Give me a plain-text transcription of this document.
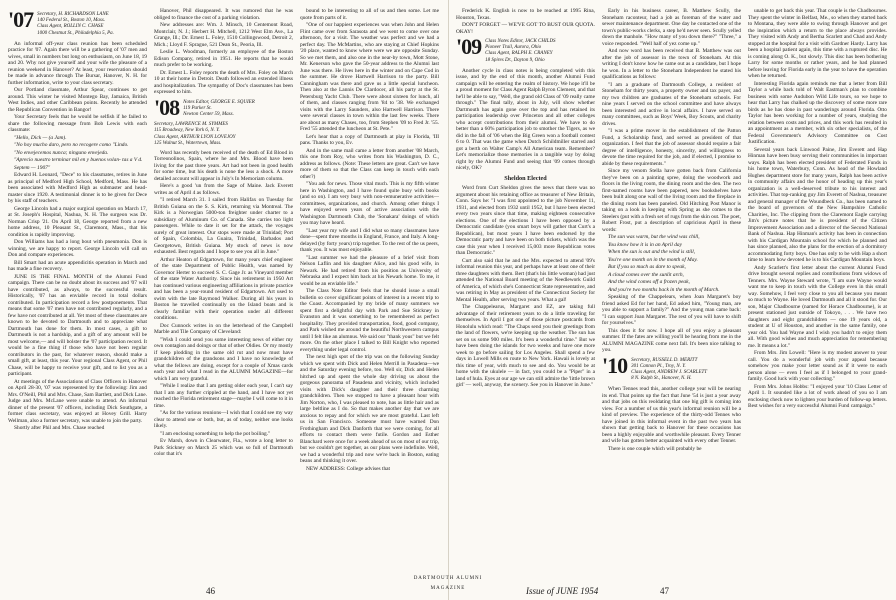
'07 Secretary, H. RICHARDSON LANE
140 Federal St., Boston 10, Mass.
Class Agent, ROLLIN C. CHASE
1000 Chestnut St., Philadelphia 5, Pa.

An informal off-year class reunion has been scheduled practice for '07. Again there will be a gathering of '07 men and wives, small in numbers but long on enthusiasm, on June 18, 19 and 20. Why not give yourself and your wife the pleasure of a reunion weekend in Hanover? At least, your reservation should be made in advance through The Bursar, Hanover, N. H. for further information, write to your class secretary.

Our Portland classmate, Arthur Spear, continues to get around. This winter he visited Montego Bay, Jamaica, British West Indies, and other Caribbean points. Recently he attended the Republican Convention in Bangor!

Your Secretary feels that he would be selfish if he failed to share the following message from Bob Lewis with each classmate:

"Hello, Dick — (a Jam).

"No hoy mucho daro, pero no recogere como "Lindo.

"No envejecemos nunca; ninguno envejeda.

"Aprecio nuestro terminar mil en y buenos volan- tas a V d.

Septem — 1907"

Edward H. Leonard, "Dece" to his classmates, retires in June as principal of Medford High School, Medford, Mass. He has been associated with Medford High as submaster and head-master since 1920. A testimonial dinner is to be given for Dece by his staff of teachers.

George Lincoln had a major surgical operation on March 17, at St. Joseph's Hospital, Nashua, N. H. The surgeon was Dr. Norman Crisp '21. On April 18, George reported from a new home address, 10 Pleasant St., Claremont, Mass., that his condition is rapidly improving.

Don Williams has had a long bout with pneumonia. Don is winning, we are happy to report. George Lincoln will call on Don and compare experiences.

Bill Smart had an acute appendicitis operation in March and has made a fine recovery.

JUNE IS THE FINAL MONTH of the Alumni Fund campaign. There can be no doubt about its success and '07 will have contributed, as always, to the successful result. Historically, '07 has an enviable record in total dollars contributed. In participation record a few postponements. That means that some '07 men have not contributed regularly, and a few have not contributed at all. Yet most of these classmates are known to be devoted to Dartmouth and to appreciate what Dartmouth has done for them. In most cases, a gift to Dartmouth is not a hardship, and a gift of any amount will be most welcome,— and will bolster the '07 participation record. It would be a fine thing if those who have not been regular contributors in the past, for whatever reason, should make a small gift, at least, this year. Your regional Class Agent, or Phil Chase, will be happy to receive your gift, and to list you as a participant.

At meetings of the Associations of Class Officers in Hanover on April 28-30, '07 was represented by the following: Jim and Mrs. O'Neill, Phil and Mrs. Chase, Sam Bartlett, and Dick Lane. Judge and Mrs. McLane were unable to attend. An informal dinner of the present '07 officers, including Dick Southgate, a former class secretary, was enjoyed at Hovey Grill. Harry Wellman, also a former secretary, was unable to join the party.

Shortly after Phil and Mrs. Chase reached

Hanover, Phil disappeared. It was rumored that he was obliged to finance the cost of a parking violation.

New addresses are: Wm. J. Minsch, 10 Centemont Road, Montclair, N. J.; Herbert H. Mitchell, 1212 West Elm Ave., La Grange, Ill.; Dr. Ernest L. Foley, 1510 Collingswood, Detroit 2, Mich.; Lloyd F. Sprague, 521 Dean St., Peoria, Ill.

Leslie L. Woodman, formerly an employee of the Boston Edison Company, retired in 1951. He reports that he would much prefer to be working.

Dr. Ernest L. Foley reports the death of Mrs. Foley on March 10 at their home in Detroit. Death followed an extended illness and hospitalization. The sympathy of Doc's classmates has been expressed to him.

'08 Notes Editor, GEORGE E. SQUIER
119 Parker St.
Newton Center 59, Mass.
Secretary, LAWRENCE M. SYMMES
115 Broadway, New York 6, N. Y.
Class Agent, ARTHUR LYON LOVEJOY
125 Walnut St., Watertown, Mass.

Word has recently been received of the death of Ed Blood in Torreonolinos, Spain, where he and Mrs. Blood have been living for the past three years. Art had not been in good health for some time, but his death is none the less a shock. A more detailed account will appear in July's In Memoriam column.

Here's a good 'un from the Sage of Maine. Jack Everett writes as of April 4 as follows.

"I retired March 31. I sailed from Halifax on Tuesday for British Guiana on the S. S. Kirk, returning via Montreal. The Kirk is a Norwegian 5000-ton freighter under charter to a subsidiary of Aluminum Co. of Canada. She carries too light passengers. While to date it set for the attack, the voyages surely of great interest. Our stops were made at Trinidad; Port of Spain, Colombia, La Guaira, Trinidad, Barbados and Georgetown, British Guiana. My stock of news is now exhausted. Best regards and I hope to see you all in June."

Arthur Heaton of Edgartown, for many years chief engineer of the state Department of Public Health, was named by Governor Herter to succeed S. C. Gage Jr. as Vineyard member of the state Water Authority. Since his retirement in 1950 Art has continued various engineering affiliations in private practice and has been a year-round resident of Edgartown. Art used to swim with the late Raymond Walker. During all his years in Boston he travelled continually on the Island boats and is clearly familiar with their operation under all different conditions.

Doc Cunnock writes in on the letterhead of the Campbell Marble and Tile Company of Cleveland:

"Wish I could send you some interesting news of either my own contagion and doings or that of other Oldies. Or my mostly if keep plodding in the same old rut and now must have grandchildren of the grandsons and I have no knowledge of what the fellows are doing, except for a couple of Xmas cards each year and what I read in the ALUMNI MAGAZINE—for which I am very grateful.

"While I realize that I am getting older each year, I can't say that I am any further crippled at the hand, and I have not yet reached the Florida retirement stage—maybe I will come to it in time.

"As for the various reunions—I wish that I could see my way clear to attend one or both, but, as of today, neither one looks likely.

"I am enclosing something to help the pot boiling."

Ev Marsh, down in Clearwater, Fla., wrote a long letter to Park Stickney on March 25 which was so full of Dartmouth color that it's

bound to be interesting to all of us and then some. Let me quote from parts of it.

"One of our happiest experiences was when John and Helen Flint came over from Sarasota and we went to come over one afternoon, for a visit. The weather was perfect and we had a perfect day. The McMartins, who are staying at Chief Hopkins '20 place, wanted to know where were we are opposite Sunday. So we met them, and also one in the near-by town, Mott Stone, Mr. Kenerson who gave the 50-year address to the Alumni last June was there. He lives here in the winter and on Cape Cod in the summer. He drove Hartwell Harrison to the party. Bill Cunningham was there and gave us a little special luncheon. Then also at the Lannis De Clardocer, all his party at the St. Petersburg Yacht Club. There were about sixteen for lunch, all of them, and classes ranging from '84 to '38. We exchanged visits with the Larry Saunders, also Hartwell Harrison. There were several classes in town within the last few weeks. There are about as many Chases, too, from Stephen '09 to Fred Jr. '55. Fred '55 attended the luncheon at St. Pete."

Let's hear that a copy of Dartmouth at play in Florida, 'III pans. Thanks to you, Ev.

And in the same mail came a letter from another '08 March, this one from Roy, who writes from his Washington, D. C., address as follows. (Note: These letters are great. Can't we have more of them so that the Class can keep in touch with each other?)

"You ask for news. Those vital much. This is my fifth winter here in Washington, and I have found quite busy with books (and so on). I am very busy with non-remunerative activities—committees, organizations, and church. Among other things I have enjoyed seven years of active association with the Washington Dartmouth Club, the 'Sonakara' doings of which you may have heard.

"Last year my wife and I did what so many classmates have done—spent three months in England, France, and Italy. A long-delayed (by forty years) trip together. To the rest of the us peers, thank you. It was most enjoyable.

"Last summer we had the pleasure of a brief visit from Nelson Laflin and his daughter Alice, and his good wife, in Newark. He had retired from his position as University of Nebraska and I expect him back at his Newark home. To me, it would be an enviable life."

The Class Note Editor feels that he should issue a small bulletin so cover significant points of interest in a recent trip to the Coast. Accompanied by my bride of many summers we spent first a delightful day with Park and Sue Stickney in Evanston and it was something to be remembered as perfect hospitality. They provided transportation, food, good company, and Park wished me around the beautiful Northwestern campus until I felt like an alumnus. We said our "thank yous" but we felt more. On the other place I talked to Bill Knight who reported everything under legal control.

The next high spot of the trip was on the following Sunday which we spent with Dick and Helen Merrill in Pasadena—we and the Saturday evening before, too. Well sir, Dick and Helen hitched up and spent the whole day driving us about the gorgeous panorama of Pasadena and vicinity, which included visits with Dick's daughter and their three charming grandchildren. Then we stopped to have a pleasant hour with Jim Norton, who, I was pleased to note, has as little hair and as large beltline as I do. So that makes another day that we are anxious to repay and for which we are most grateful. Last left us in San Francisco. Someone must have warned Don Frothingham and Dick Danforth that we were coming, for all efforts to contact them were futile. Gordon and Esther Blanchard were once for a week ahead of us on most of our trip, but we couldn't get together, as our plans were indefinite. Well, we had a wonderful trip and now we're back in Boston, eating beans and thinking it over.

NEW ADDRESS: College advises that

46
DARTMOUTH ALUMNI MAGAZINE

Frederick K. English is now to be reached at 1995 Rina, Houston, Texas.

DON'T FORGET — WE'VE GOT TO BUST OUR QUOTA. OKAY!

'09 Class Notes Editor, JACK CHILDS
Pioneer Trail, Aurora, Ohio
Class Agent, RALPH E. CRANEY
18 Spires Dr., Dayton 9, Ohio

Another cycle in class notes is being completed with this issue, and by the end of this month, another Alumni Fund campaign will be entering the realm of history. We hope it'll be a proud moment for Class Agent Ralph Byron Clement, and that he'll be able to say, "Well, the grand old Class of '09 really came through." The final tally, about in July, will show whether Dartmouth has again gone over the top and has retained its participation leadership over Princeton and all other colleges who accept contributions from their alumni. We have to do better than a 60% participation job to smother the Tigers, as we did in the fall of '06 when the Big Green won a football contest 6 to 0. That was the game when Dutch Schildmiller starred and got a berth on Walter Camp's All American team. Remember? Let's memorialize those memories in a tangible way by doing right by the Alumni Fund and seeing that '09 comes through nicely, OK?

Sheldon Elected

Word from Curt Sheldon gives the news that there was no argument about his retaining office as treasurer of New Britain, Conn. Says he: "I was first appointed to the job November 11, 1931, and elected from 1932 until 1952, but I have been elected every two years since that time, making eighteen consecutive elections. One of the elections I have been opposed by a Democratic candidate (you smart boys will gather that Curt's a Republican), but most years I have been endorsed by the Democratic party and have been on both tickets, which was the case this year when I received 15,003 more Republican votes than Democratic."

Curt also said that he and the Mrs. expected to attend '09's informal reunion this year, and perhaps have at least one of their three daughters with them. Bert (that's his little woman) had just attended the National Board meeting of the Needlework Guild of America, of which she's Connecticut State representative, and was retiring in May as president of the Connecticut Society for Mental Health, after serving two years. What a gal!

The Chappelearus, Margaret and EZ, are taking full advantage of their retirement years to do a little traveling for themselves. In April I got one of those picture postcards from Honolulu which read: "The Chaps send you their greetings from the land of flowers, we're keeping up the weather. The sun has set on us some 900 miles. It's been a wonderful time." But we have been doing the islands for two weeks and have one more week to go before sailing for Los Angeles. Shall spend a few days in Lowell Mills en route to New York. Hawaii is lovely at this time of year, with much to see and do. You would be at home with the ukulele — in fact, you could be a "Piper" in a land of hula. Eyes at our age we can still admire the 'little brown girl' — well, anyway, the scenery. See you in Hanover in June."

Early in his business career, B. Matthew Scully, the Stoneham raconteur, had a job as foreman of the water and sewer maintenance department. One day he contacted one of the town's public-works clerks, a step he'd never seen. Scully yelled down the manhole. "How many of you down there?" "Three," a voice responded. "Well half of yez come up."

And now word has been received that B. Matthew was out after the job of assessor in the town of Stoneham. At this writing I don't know how he came out as a candidate, but I hope he won. In a letter to the Stoneham Independent he stated his qualifications as follows:

"I am a graduate of Dartmouth College, a resident of Stoneham for thirty years, a property owner and tax payer, and my two children are graduates of the Stoneham schools. For nine years I served on the school committee and have always been interested and active in local affairs. I have served on many committees, such as Boys' Week, Boy Scouts, and charity drives.

"I was a prime mover in the establishment of the Patton Fund, a Scholarship fund, and served as president of that organization. I feel that the job of assessor should require a fair degree of intelligence, honesty, sincerity, and willingness to devote the time required for the job, and if elected, I promise to abide by these requirements."

Since my venom Stella have gotten back from California they've been on a painting spree, doing the woodwork and floors in the living room, the dining room and the den. The two first-named rooms have been papered, new bookshelves have been built along one wall of the living room and the fireplace in the dining room has been paneled. Old Hitching Post Manor is taking on a look in keeping with Spring as she comes to the Steelers (put with a fresh set of rugs from the skin out. The poet, Robert Frost, put a description of capricious April in these words:

The sun was warm, but the wind was chill,

You know how it is in an April day

When the sun is out and the wind is still,

You're one month on in the month of May.

But if you so much as dare to speak,

A cloud comes over the sunlit arch,

And the wind comes off a frozen peak,

And you're two months back in the month of March.

Speaking of the Chappelears, when Joan Margaret's boy friend asked Ed for her hand, Ed asked him, "Young man, are you able to support a family?" And the young man came back: "I can support Joan Margaret. The rest of you will have to shift for yourselves."

This does it for now. I hope all of you enjoy a pleasant summer. If the fates are willing you'll be hearing from me in the ALUMNI MAGAZINE come next fall. It's been nice talking to you.

'10 Secretary, RUSSELL D. MERITT
301 Cannon Pl., Troy, N. Y.
Class Agent, ANDREW J. SCARLETT
8 N. Ralph St., Hanover, N. H.

When Tennes read this, another college year will be nearing its end. That points up the fact that June '54 is just a year away and that jobs on this reoldating that one big gift is coming into view. For a number of us this year's informal reunion will be a kind of preview. The experience of the thirty-odd Tennes who have joined in this informal event in the past two years has shown that getting back to Hanover for these occasions has been a highly enjoyable and worthwhile pleasant. Every Tenner and wife has gotten better acquainted with every other Tenner.

There is one couple which will probably be

unable to get back this year. That couple is the Chadbournes. They spent the winter in Belfast, Me., so when they started back to Montana, they were able to swing through Hanover and get the inspiration which a return to the place always provides. They visited with Andy and Bertha Scarlett and Chad and Andy stopped at the hospital for a visit with Gardner Hardy. Larry has been a hospital patient again, this time with a ruptured disc. He is coming along O. K., but slowly. This disc has been bothering Larry for some months or rather years, and he had planned before leaving for Florida early in the year to have the operation when he returned.

Interesting Florida again reminds me that a letter from Bill Taylor a while back told of Walt Eastman's plan to combine business with some Audubon Wild Life tours, so we hope to hear that Larry has chalked up the discovery of some more rare birds as he has done in past wanderings around Florida. Otto Taylor has been working for a number of years, studying the relation between costs and prices, and this work has resulted in an appointment as a member, with six other specialists, of the Federal Government's Advisory Committee on Cost Justification.

Several years back Linwood Paine, Jim Everett and Hap Hinman have been busy serving their communities in important ways. Ralph has been elected president of Federated Funds in his home town, Waterbury, Conn. As head of the Howland Hughes department store for many years, Ralph has been active in community affairs and the honor of heading up this year's organization is a well-deserved tribute to his interest and activities. That top-ranking guy Jim Everett of Nashua, treasurer and general manager of the Woundbeck Co., has been named to the board of governors of the New Hampshire Catholic Charities, Inc. The clipping from the Claremont Eagle carrying Jim's picture notes that he is president of the Citizen Improvement Association and a director of the Second National Bank of Nashua. Hap Hinman's activity has been in connection with his Cardigan Mountain school for which he planned and has since planned, also the plans for the erection of a dormitory accommodating forty boys. One has only to be with Hap a short time to learn how devoted he is to his Cardigan Mountain boys.

Andy Scarlett's first letter about the current Alumni Fund drive brought several replies and contributions from widows of Tenners. Mrs. Wayne Steward wrote, "I am sure Wayne would want me to keep in touch with the College even in this small way. Somehow, I feel very close to you all because you meant so much to Wayne. He loved Dartmouth and all it stood for. Our son, Major Chadbourne (named for Horace Chadbourne), is at present stationed just outside of Tokoyo, . . . We have two daughters and eight grandchildren — one 19 years old, a student at U of Houston, and another in the same family, one year old. You had Wayne and I wish you hadn't to enjoy them all. With good wishes and much appreciation for remembering me. It means a lot."

From Mrs. Jim Lowell: "Here is my modest answer to your call. You do a wonderful job with your appeal because somehow you make your letter sound as if it were to each person alone — even I feel as if I belonged to your grand-family. Good luck with your collecting."

From Mrs. Johns Hobbs: "I enjoyed your '10 Class Letter of April 1. It sounded like a lot of work ahead of you so I am enclosing check now to lighten your burden of follow-up letters. Best wishes for a very successful Alumni Fund campaign."

Issue of JUNE 1954	47
